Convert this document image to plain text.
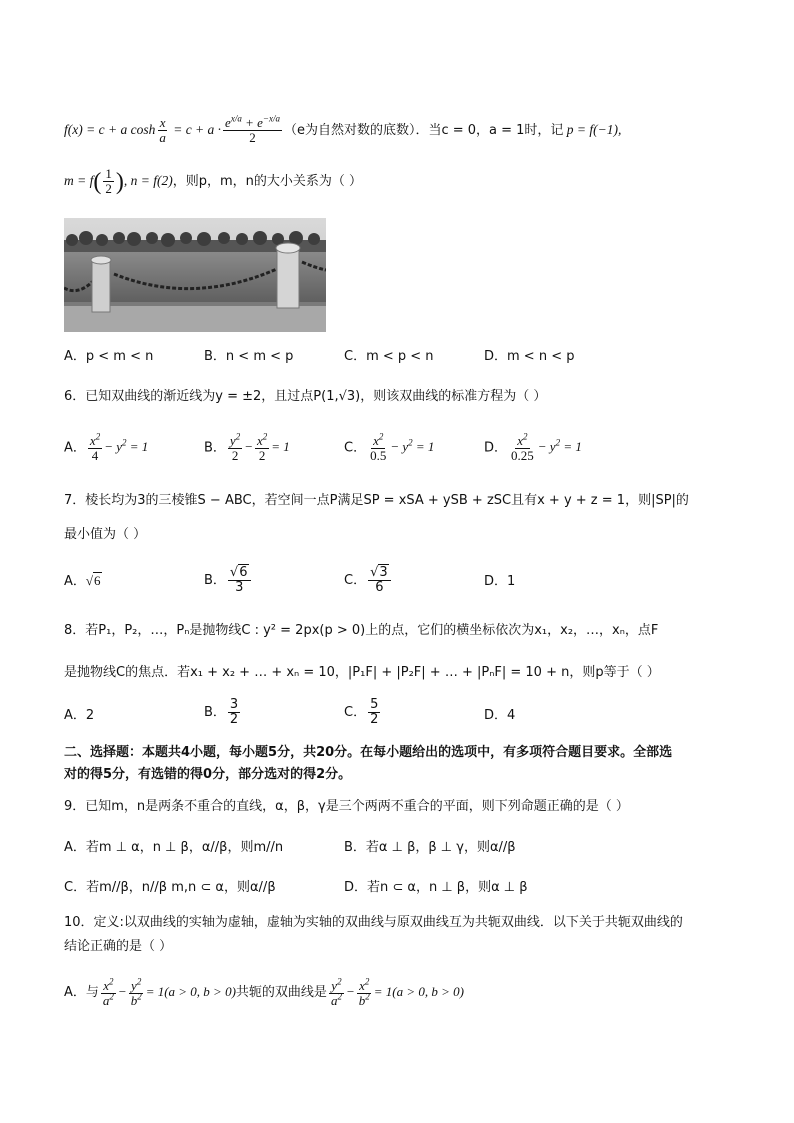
f(x) = c + a $\cosh \frac{x}{a} = c + a \cdot \frac{e^{x/a} + e^{-x/a}}{2} (e$为自然对数的底数）．当c = 0，a = 1时，记 p = f(−1),
$m = f( \frac{1}{2}$ ), n = f(2)，则p，m，n的大小关系为（ ）
A．p < m < n	B．n < m < p	C．m < p < n	D．m < n < p
6．已知双曲线的渐近线为y = ±2，且过点P(1,√3)，则该双曲线的标准方程为（ ）
A． $\frac{x^2}{4} - y^2 = 1$	B． $\frac{y^2}{2} - \frac{x^2}{2} = 1$	C． $\frac{x^2}{0.5} - y^2 = 1$	D． $\frac{x^2}{0.25} - y^2 = 1$
7．棱长均为3的三棱锥S − ABC，若空间一点P满足SP = xSA + ySB + zSC且有x + y + z = 1，则|SP|的
最小值为（ ）
A．√6	B． $\frac{√6}{3}$	C． $\frac{√3}{6}$	D．1
8．若P₁，P₂，…，Pₙ是抛物线C : y² = 2px(p > 0)上的点，它们的横坐标依次为x₁，x₂，…，xₙ，点F
是抛物线C的焦点．若x₁ + x₂ + … + xₙ = 10，|P₁F| + |P₂F| + … + |PₙF| = 10 + n，则p等于（ ）
A．2	B． $\frac{3}{2}$	C． $\frac{5}{2}$	D．4
二、选择题：本题共4小题，每小题5分，共20分。在每小题给出的选项中，有多项符合题目要求。全部选
对的得5分，有选错的得0分，部分选对的得2分。
9．已知m，n是两条不重合的直线，α，β，γ是三个两两不重合的平面，则下列命题正确的是（ ）
A．若m ⊥ α，n ⊥ β，α//β，则m//n	B．若α ⊥ β，β ⊥ γ，则α//β
C．若m//β，n//β m,n ⊂ α，则α//β	D．若n ⊂ α，n ⊥ β，则α ⊥ β
10．定义:以双曲线的实轴为虚轴，虚轴为实轴的双曲线与原双曲线互为共轭双曲线．以下关于共轭双曲线的
结论正确的是（ ）
A．与 $\frac{x^2}{a^2} - \frac{y^2}{b^2} = 1(a > 0$, b > 0)共轭的双曲线是 $\frac{y^2}{a^2} - \frac{x^2}{b^2} = 1(a > 0$, b > 0)
